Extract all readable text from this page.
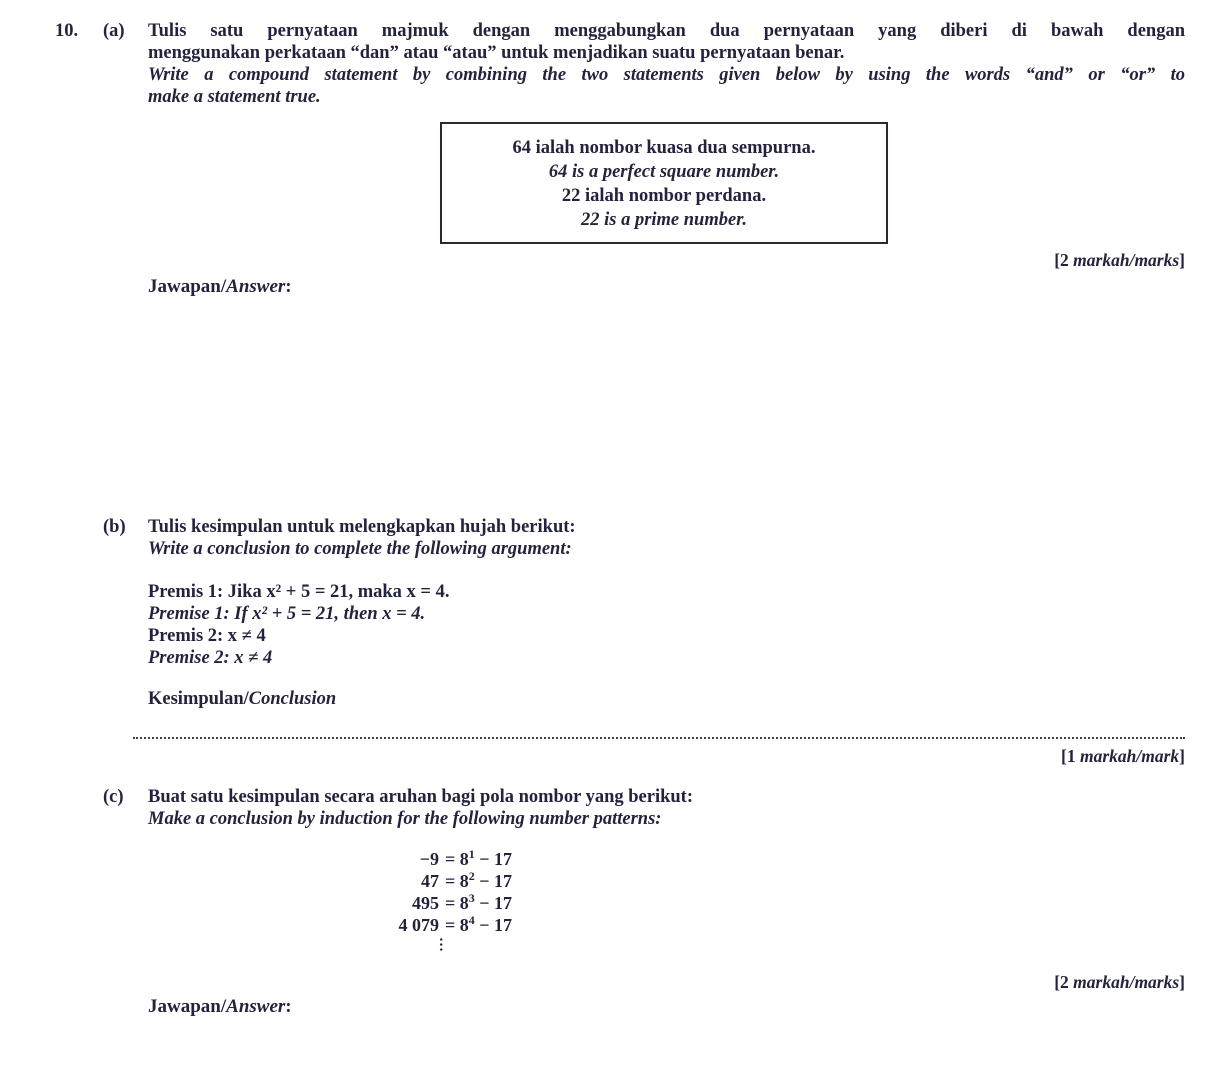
10.	(a)	Tulis satu pernyataan majmuk dengan menggabungkan dua pernyataan yang diberi di bawah dengan
menggunakan perkataan “dan” atau “atau” untuk menjadikan suatu pernyataan benar.
Write a compound statement by combining the two statements given below by using the words “and” or “or” to
make a statement true.
64 ialah nombor kuasa dua sempurna.
64 is a perfect square number.
22 ialah nombor perdana.
22 is a prime number.
[2 markah/marks]
Jawapan/Answer:
(b)	Tulis kesimpulan untuk melengkapkan hujah berikut:
Write a conclusion to complete the following argument:
Premis 1: Jika x² + 5 = 21, maka x = 4.
Premise 1: If x² + 5 = 21, then x = 4.
Premis 2: x ≠ 4
Premise 2: x ≠ 4
Kesimpulan/Conclusion
[1 markah/mark]
(c)	Buat satu kesimpulan secara aruhan bagi pola nombor yang berikut:
Make a conclusion by induction for the following number patterns:
$-9 = 8^1 - 17$
$47 = 8^2 - 17$
$495 = 8^3 - 17$
4 $079 = 8^4 - 17$
…
[2 markah/marks]
Jawapan/Answer:
